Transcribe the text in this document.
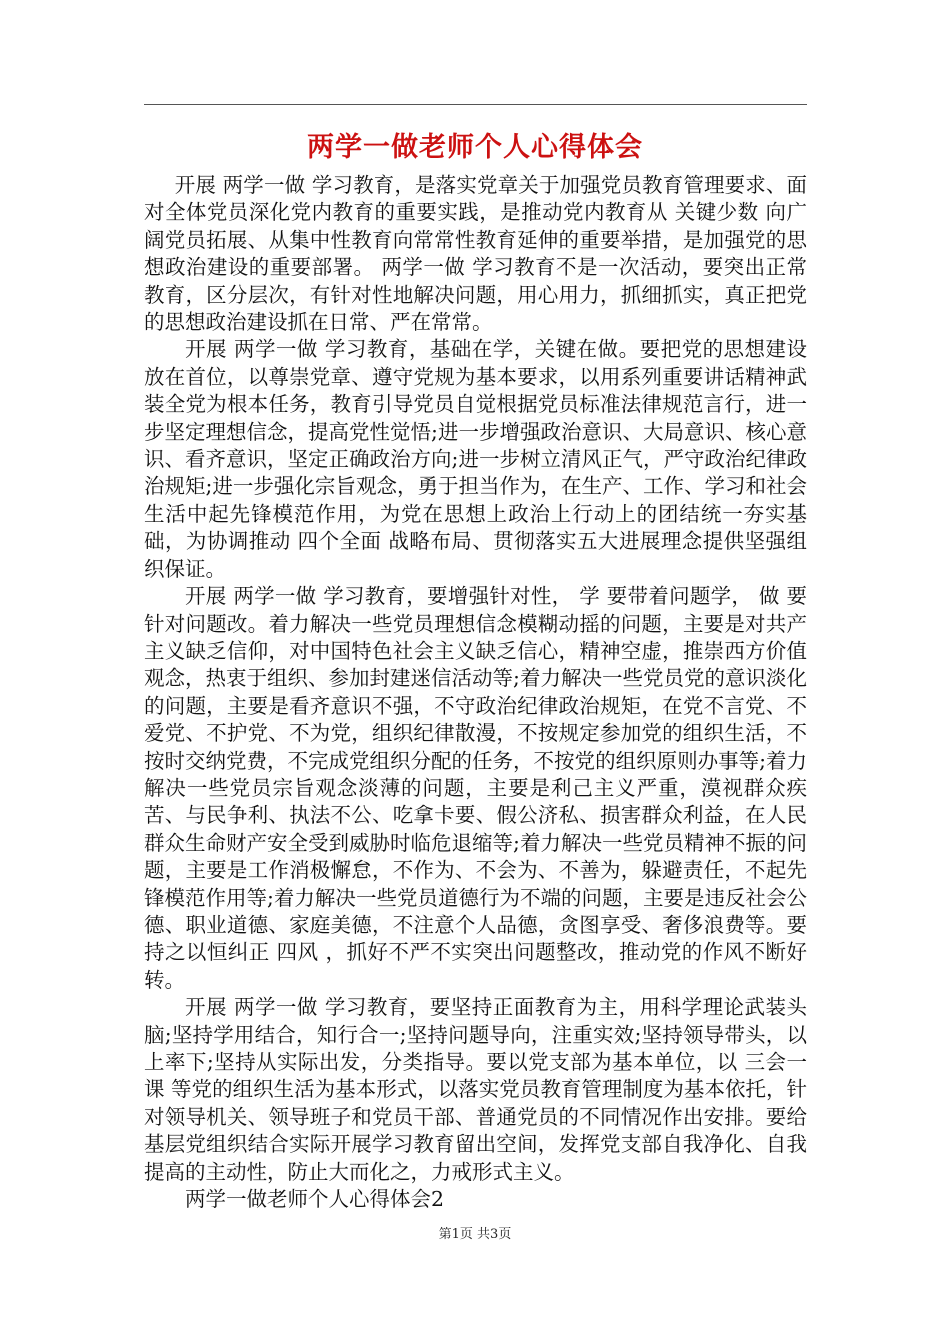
两学一做老师个人心得体会

开展 两学一做 学习教育，是落实党章关于加强党员教育管理要求、面对全体党员深化党内教育的重要实践，是推动党内教育从 关键少数 向广阔党员拓展、从集中性教育向常常性教育延伸的重要举措，是加强党的思想政治建设的重要部署。 两学一做 学习教育不是一次活动，要突出正常教育，区分层次，有针对性地解决问题，用心用力，抓细抓实，真正把党的思想政治建设抓在日常、严在常常。

开展 两学一做 学习教育，基础在学，关键在做。要把党的思想建设放在首位，以尊崇党章、遵守党规为基本要求，以用系列重要讲话精神武装全党为根本任务，教育引导党员自觉根据党员标准法律规范言行，进一步坚定理想信念，提高党性觉悟;进一步增强政治意识、大局意识、核心意识、看齐意识，坚定正确政治方向;进一步树立清风正气，严守政治纪律政治规矩;进一步强化宗旨观念，勇于担当作为，在生产、工作、学习和社会生活中起先锋模范作用，为党在思想上政治上行动上的团结统一夯实基础，为协调推动 四个全面 战略布局、贯彻落实五大进展理念提供坚强组织保证。

开展 两学一做 学习教育，要增强针对性， 学 要带着问题学， 做 要针对问题改。着力解决一些党员理想信念模糊动摇的问题，主要是对共产主义缺乏信仰，对中国特色社会主义缺乏信心，精神空虚，推崇西方价值观念，热衷于组织、参加封建迷信活动等;着力解决一些党员党的意识淡化的问题，主要是看齐意识不强，不守政治纪律政治规矩，在党不言党、不爱党、不护党、不为党，组织纪律散漫，不按规定参加党的组织生活，不按时交纳党费，不完成党组织分配的任务，不按党的组织原则办事等;着力解决一些党员宗旨观念淡薄的问题，主要是利己主义严重，漠视群众疾苦、与民争利、执法不公、吃拿卡要、假公济私、损害群众利益，在人民群众生命财产安全受到威胁时临危退缩等;着力解决一些党员精神不振的问题，主要是工作消极懈怠，不作为、不会为、不善为，躲避责任，不起先锋模范作用等;着力解决一些党员道德行为不端的问题，主要是违反社会公德、职业道德、家庭美德，不注意个人品德，贪图享受、奢侈浪费等。要持之以恒纠正 四风 ，抓好不严不实突出问题整改，推动党的作风不断好转。

开展 两学一做 学习教育，要坚持正面教育为主，用科学理论武装头脑;坚持学用结合，知行合一;坚持问题导向，注重实效;坚持领导带头，以上率下;坚持从实际出发，分类指导。要以党支部为基本单位，以 三会一课 等党的组织生活为基本形式，以落实党员教育管理制度为基本依托，针对领导机关、领导班子和党员干部、普通党员的不同情况作出安排。要给基层党组织结合实际开展学习教育留出空间，发挥党支部自我净化、自我提高的主动性，防止大而化之，力戒形式主义。

两学一做老师个人心得体会2

第1页 共3页
